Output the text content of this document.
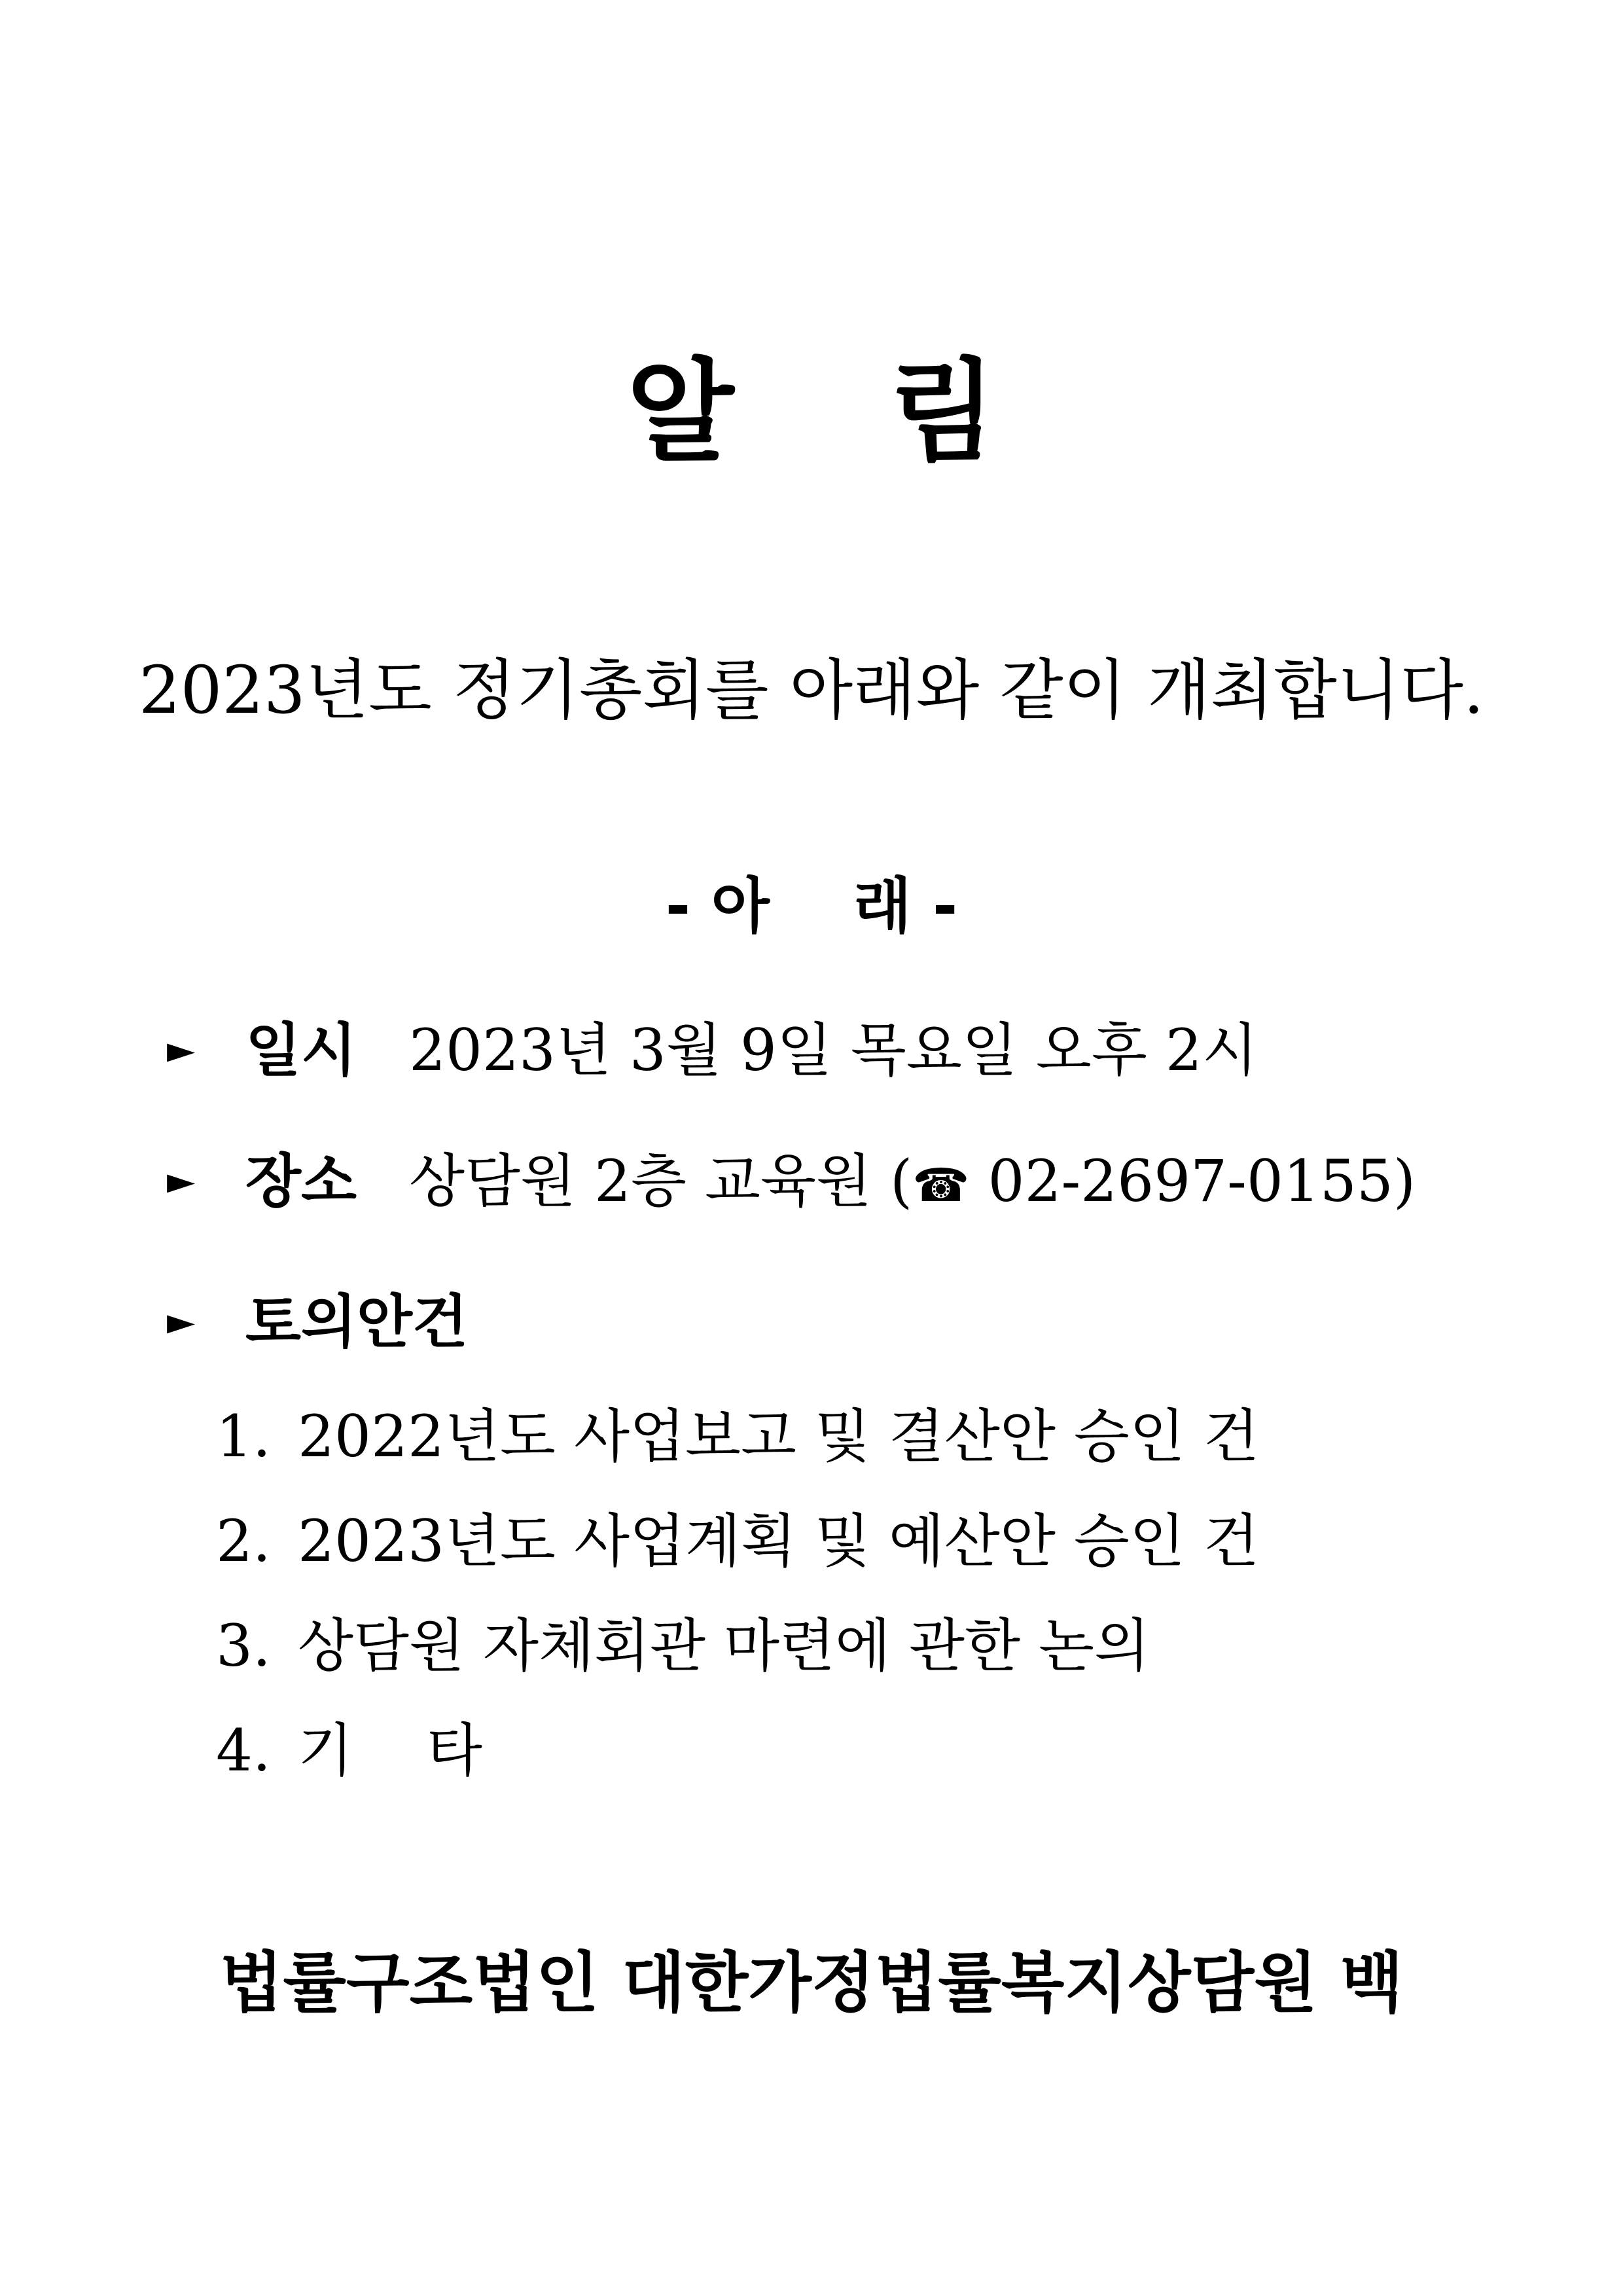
알    림
2023년도 정기총회를 아래와 같이 개최합니다.
- 아    래 -

►

일시

2023년 3월 9일 목요일 오후 2시

►

장소

상담원 2층 교육원 (☎ 02-2697-0155)

►

토의안건

1. 2022년도 사업보고 및 결산안 승인 건
2. 2023년도 사업계획 및 예산안 승인 건
3. 상담원 자체회관 마련에 관한 논의
4. 기    타
법률구조법인 대한가정법률복지상담원 백
